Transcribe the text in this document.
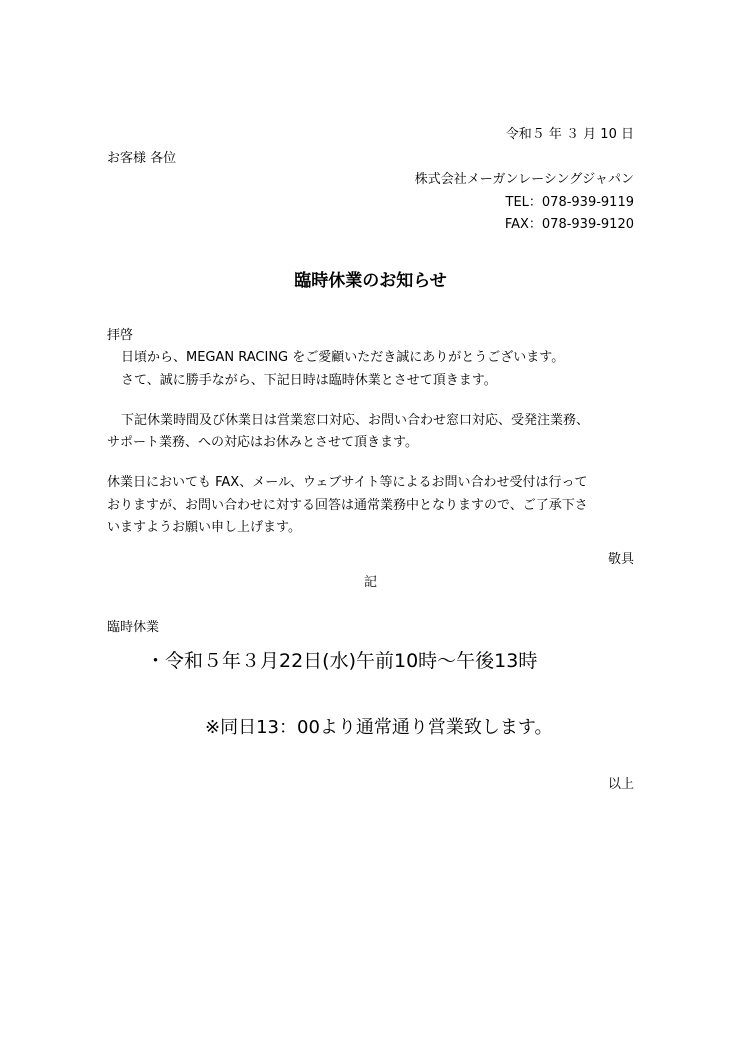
令和５ 年 ３ 月 10 日
お客様 各位
株式会社メーガンレーシングジャパン
TEL：078-939-9119
FAX：078-939-9120
臨時休業のお知らせ
拝啓
日頃から、MEGAN RACING をご愛顧いただき誠にありがとうございます。
さて、誠に勝手ながら、下記日時は臨時休業とさせて頂きます。
下記休業時間及び休業日は営業窓口対応、お問い合わせ窓口対応、受発注業務、
サポート業務、への対応はお休みとさせて頂きます。
休業日においても FAX、メール、ウェブサイト等によるお問い合わせ受付は行って
おりますが、お問い合わせに対する回答は通常業務中となりますので、ご了承下さ
いますようお願い申し上げます。
敬具
記
臨時休業
・令和５年３月22日(水)午前10時～午後13時
※同日13：00より通常通り営業致します。
以上
